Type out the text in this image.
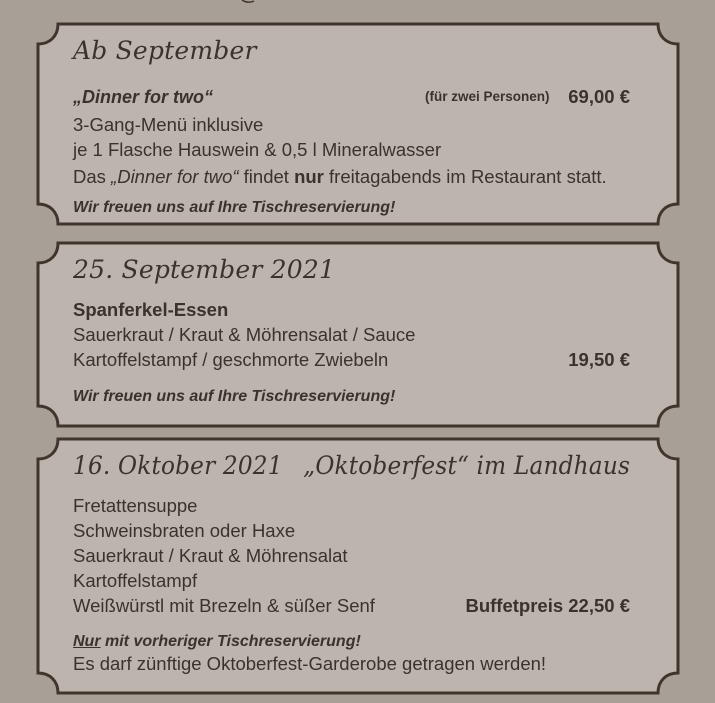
Ab September
„Dinner for two“	(für zwei Personen) 69,00 €
3-Gang-Menü inklusive
je 1 Flasche Hauswein & 0,5 l Mineralwasser
Das „Dinner for two“ findet nur freitagabends im Restaurant statt.
Wir freuen uns auf Ihre Tischreservierung!
25. September 2021
Spanferkel-Essen
Sauerkraut / Kraut & Möhrensalat / Sauce
Kartoffelstampf / geschmorte Zwiebeln	19,50 €
Wir freuen uns auf Ihre Tischreservierung!
16. Oktober 2021 „Oktoberfest“ im Landhaus
Fretattensuppe
Schweinsbraten oder Haxe
Sauerkraut / Kraut & Möhrensalat
Kartoffelstampf
Weißwürstl mit Brezeln & süßer Senf	Buffetpreis 22,50 €
Nur mit vorheriger Tischreservierung!
Es darf zünftige Oktoberfest-Garderobe getragen werden!
